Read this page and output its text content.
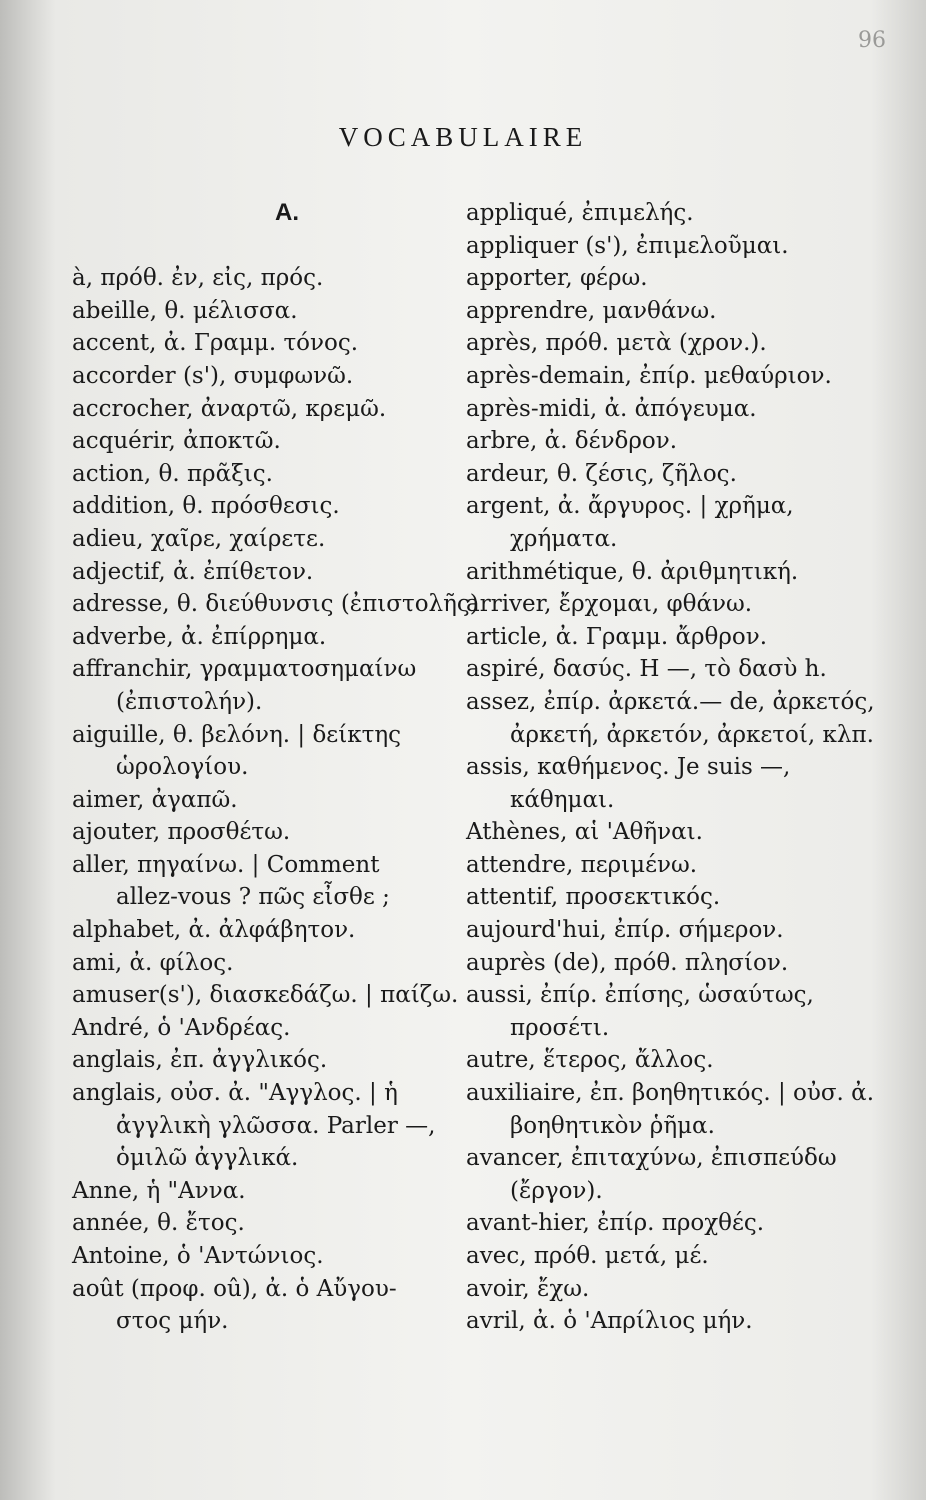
96
VOCABULAIRE
A.
à, πρόθ. ἐν, εἰς, πρός.
abeille, θ. μέλισσα.
accent, ἀ. Γραμμ. τόνος.
accorder (s'), συμφωνῶ.
accrocher, ἀναρτῶ, κρεμῶ.
acquérir, ἀποκτῶ.
action, θ. πρᾶξις.
addition, θ. πρόσθεσις.
adieu, χαῖρε, χαίρετε.
adjectif, ἀ. ἐπίθετον.
adresse, θ. διεύθυνσις (ἐπιστολῆς)
adverbe, ἀ. ἐπίρρημα.
affranchir, γραμματοσημαίνω
(ἐπιστολήν).
aiguille, θ. βελόνη. | δείκτης
ὡρολογίου.
aimer, ἀγαπῶ.
ajouter, προσθέτω.
aller, πηγαίνω. | Comment
allez-vous ? πῶς εἶσθε ;
alphabet, ἀ. ἀλφάβητον.
ami, ἀ. φίλος.
amuser(s'), διασκεδάζω. | παίζω.
André, ὁ 'Ανδρέας.
anglais, ἐπ. ἀγγλικός.
anglais, οὐσ. ἀ. "Αγγλος. | ἡ
ἀγγλικὴ γλῶσσα. Parler —,
ὁμιλῶ ἀγγλικά.
Anne, ἡ "Αννα.
année, θ. ἔτος.
Antoine, ὁ 'Αντώνιος.
août (προφ. oû), ἀ. ὁ Αὔγου-
στος μήν.
appliqué, ἐπιμελής.
appliquer (s'), ἐπιμελοῦμαι.
apporter, φέρω.
apprendre, μανθάνω.
après, πρόθ. μετὰ (χρον.).
après-demain, ἐπίρ. μεθαύριον.
après-midi, ἀ. ἀπόγευμα.
arbre, ἀ. δένδρον.
ardeur, θ. ζέσις, ζῆλος.
argent, ἀ. ἄργυρος. | χρῆμα,
χρήματα.
arithmétique, θ. ἀριθμητική.
arriver, ἔρχομαι, φθάνω.
article, ἀ. Γραμμ. ἄρθρον.
aspiré, δασύς. H —, τὸ δασὺ h.
assez, ἐπίρ. ἀρκετά.— de, ἀρκετός,
ἀρκετή, ἀρκετόν, ἀρκετοί, κλπ.
assis, καθήμενος. Je suis —,
κάθημαι.
Athènes, αἱ 'Αθῆναι.
attendre, περιμένω.
attentif, προσεκτικός.
aujourd'hui, ἐπίρ. σήμερον.
auprès (de), πρόθ. πλησίον.
aussi, ἐπίρ. ἐπίσης, ὡσαύτως,
προσέτι.
autre, ἕτερος, ἄλλος.
auxiliaire, ἐπ. βοηθητικός. | οὐσ. ἀ.
βοηθητικὸν ῥῆμα.
avancer, ἐπιταχύνω, ἐπισπεύδω
(ἔργον).
avant-hier, ἐπίρ. προχθές.
avec, πρόθ. μετά, μέ.
avoir, ἔχω.
avril, ἀ. ὁ 'Απρίλιος μήν.
